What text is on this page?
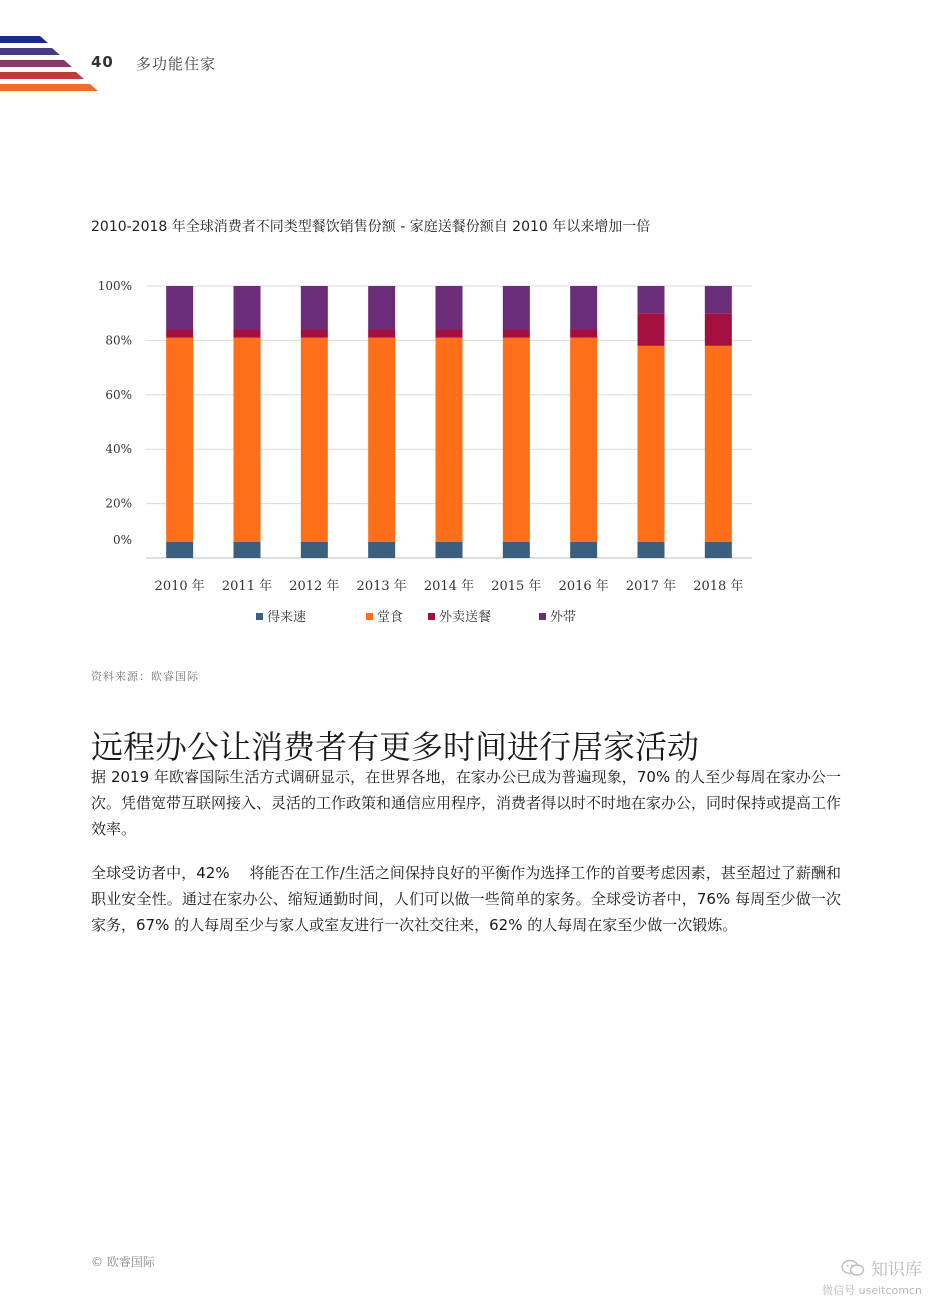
40 多功能住家
2010-2018 年全球消费者不同类型餐饮销售份额 - 家庭送餐份额自 2010 年以来增加一倍
100%
80%
60%
40%
20%
0%
2010 年 2011 年 2012 年 2013 年 2014 年 2015 年 2016 年 2017 年 2018 年
得来速	堂食	外卖送餐	外带
资料来源：欧睿国际
远程办公让消费者有更多时间进行居家活动

据 2019 年欧睿国际生活方式调研显示，在世界各地，在家办公已成为普遍现象，70% 的人至少每周在家办公一次。凭借宽带互联网接入、灵活的工作政策和通信应用程序，消费者得以时不时地在家办公，同时保持或提高工作效率。

全球受访者中，42%　 将能否在工作/生活之间保持良好的平衡作为选择工作的首要考虑因素，甚至超过了薪酬和职业安全性。通过在家办公、缩短通勤时间，人们可以做一些简单的家务。全球受访者中，76% 每周至少做一次家务，67% 的人每周至少与家人或室友进行一次社交往来，62% 的人每周在家至少做一次锻炼。

© 欧睿国际	知识库
微信号 useitcomcn
